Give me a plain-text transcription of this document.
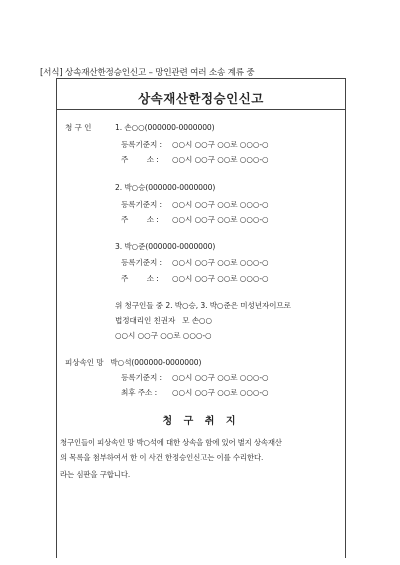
[서식] 상속재산한정승인신고 – 망인관련 여러 소송 계류 중
상속재산한정승인신고
청 구 인	1. 손○○(000000-0000000)
등록기준지 : ○○시 ○○구 ○○로 ○○○-○
주        소 : ○○시 ○○구 ○○로 ○○○-○
2. 박○승(000000-0000000)
등록기준지 : ○○시 ○○구 ○○로 ○○○-○
주        소 : ○○시 ○○구 ○○로 ○○○-○
3. 박○준(000000-0000000)
등록기준지 : ○○시 ○○구 ○○로 ○○○-○
주        소 : ○○시 ○○구 ○○로 ○○○-○
위 청구인들 중 2. 박○승, 3. 박○준은 미성년자이므로
법정대리인 친권자   모 손○○
○○시 ○○구 ○○로 ○○○-○
피상속인 망   박○석(000000-0000000)
등록기준지 : ○○시 ○○구 ○○로 ○○○-○
최후 주소 : ○○시 ○○구 ○○로 ○○○-○
청 구 취 지
청구인들이 피상속인 망 박○석에 대한 상속을 함에 있어 별지 상속재산
의 목록을 첨부하여서 한 이 사건 한정승인신고는 이를 수리한다.
라는 심판을 구합니다.
